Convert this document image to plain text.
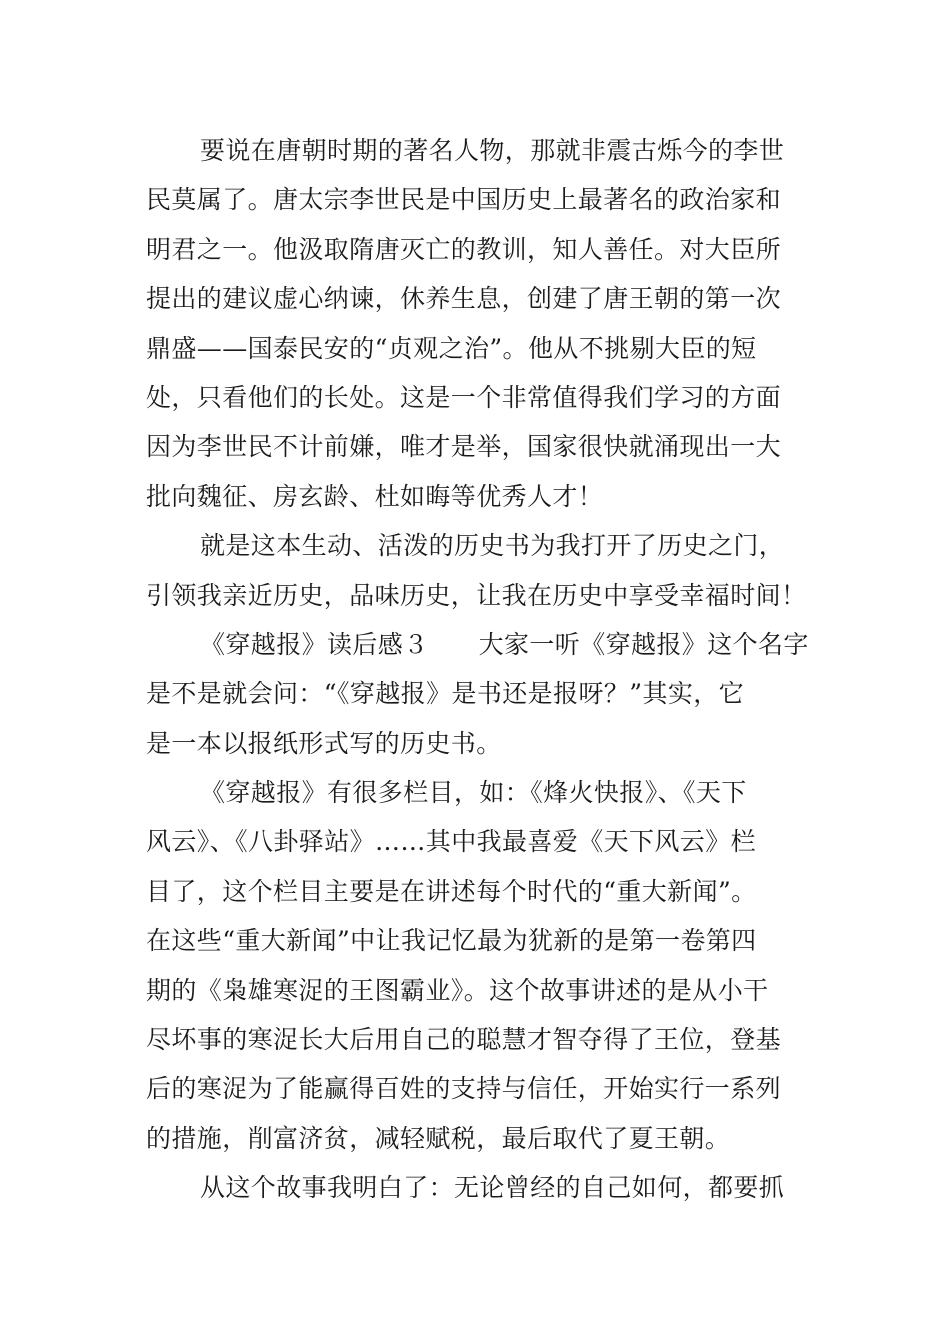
要说在唐朝时期的著名人物，那就非震古烁今的李世
民莫属了。唐太宗李世民是中国历史上最著名的政治家和
明君之一。他汲取隋唐灭亡的教训，知人善任。对大臣所
提出的建议虚心纳谏，休养生息，创建了唐王朝的第一次
鼎盛——国泰民安的“贞观之治”。他从不挑剔大臣的短
处，只看他们的长处。这是一个非常值得我们学习的方面
因为李世民不计前嫌，唯才是举，国家很快就涌现出一大
批向魏征、房玄龄、杜如晦等优秀人才！
就是这本生动、活泼的历史书为我打开了历史之门，
引领我亲近历史，品味历史，让我在历史中享受幸福时间！
《穿越报》读后感３ 大家一听《穿越报》这个名字
是不是就会问：“《穿越报》是书还是报呀？”其实，它
是一本以报纸形式写的历史书。
《穿越报》有很多栏目，如：《烽火快报》、《天下
风云》、《八卦驿站》……其中我最喜爱《天下风云》栏
目了，这个栏目主要是在讲述每个时代的“重大新闻”。
在这些“重大新闻”中让我记忆最为犹新的是第一卷第四
期的《枭雄寒浞的王图霸业》。这个故事讲述的是从小干
尽坏事的寒浞长大后用自己的聪慧才智夺得了王位，登基
后的寒浞为了能赢得百姓的支持与信任，开始实行一系列
的措施，削富济贫，减轻赋税，最后取代了夏王朝。
从这个故事我明白了：无论曾经的自己如何，都要抓
